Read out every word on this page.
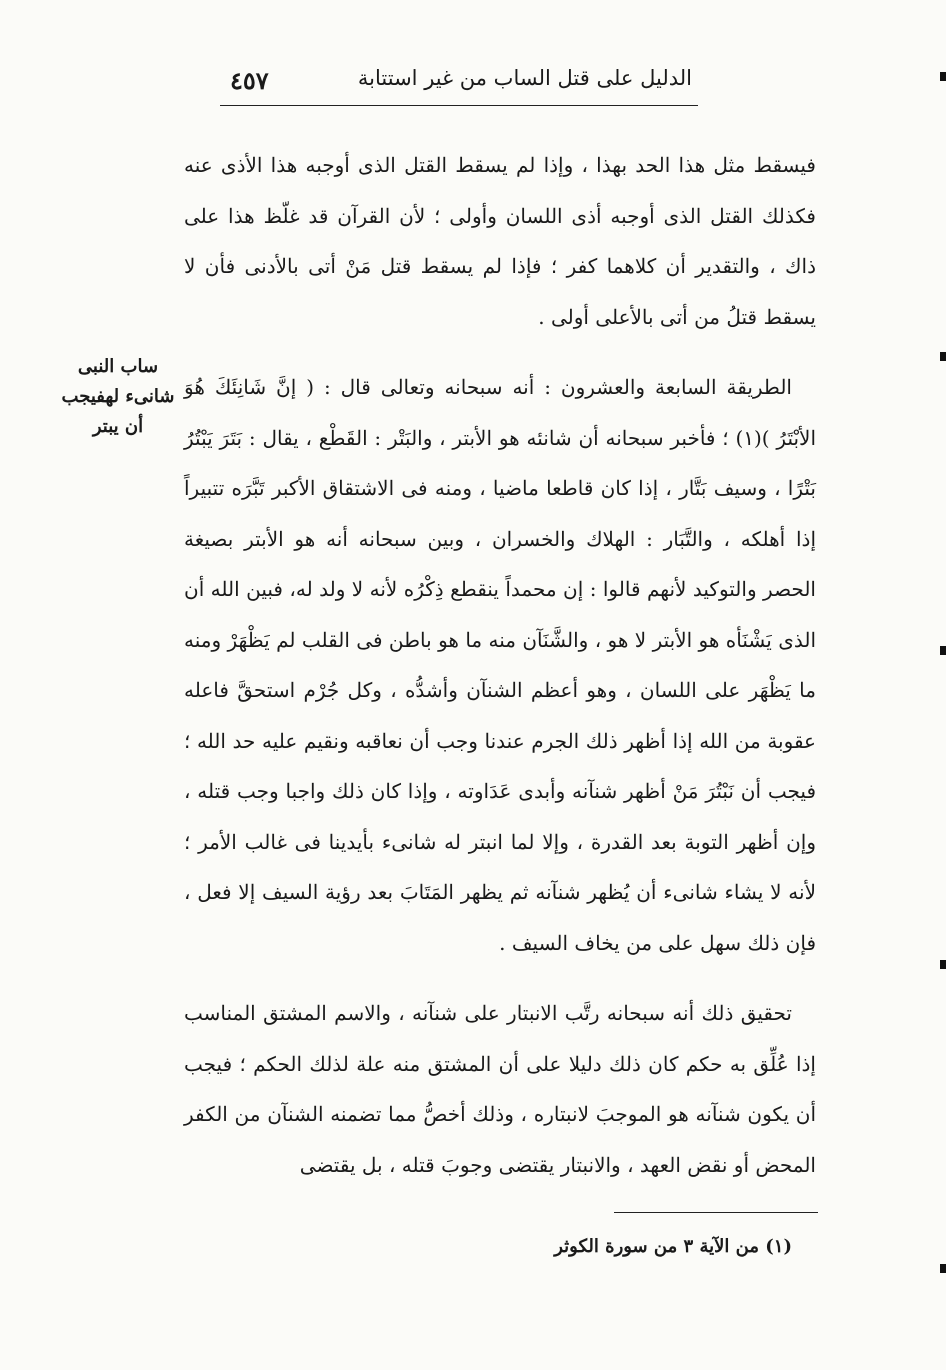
٤٥٧	الدليل على قتل الساب من غير استتابة
ساب النبى
شانىء لهفيجب
أن يبتر

فيسقط مثل هذا الحد بهذا ، وإذا لم يسقط القتل الذى أوجبه هذا الأذى عنه فكذلك القتل الذى أوجبه أذى اللسان وأولى ؛ لأن القرآن قد غلّظ هذا على ذاك ، والتقدير أن كلاهما كفر ؛ فإذا لم يسقط قتل مَنْ أتى بالأدنى فأن لا يسقط قتلُ من أتى بالأعلى أولى .

الطريقة السابعة والعشرون : أنه سبحانه وتعالى قال : ( إنَّ شَانِئَكَ هُوَ الأبْتَرُ )(١) ؛ فأخبر سبحانه أن شانئه هو الأبتر ، والبَتْر : القَطْع ، يقال : بَتَرَ يَبْتُرُ بَتْرًا ، وسيف بَتَّار ، إذا كان قاطعا ماضيا ، ومنه فى الاشتقاق الأكبر تَبَّرَه تتبيراً إذا أهلكه ، والتَّبَار : الهلاك والخسران ، وبين سبحانه أنه هو الأبتر بصيغة الحصر والتوكيد لأنهم قالوا : إن محمداً ينقطع ذِكْرُه لأنه لا ولد له، فبين الله أن الذى يَشْنَأه هو الأبتر لا هو ، والشَّنَآن منه ما هو باطن فى القلب لم يَظْهَرْ ومنه ما يَظْهَر على اللسان ، وهو أعظم الشنآن وأشدُّه ، وكل جُرْم استحقَّ فاعله عقوبة من الله إذا أظهر ذلك الجرم عندنا وجب أن نعاقبه ونقيم عليه حد الله ؛ فيجب أن نَبْتُرَ مَنْ أظهر شنآنه وأبدى عَدَاوته ، وإذا كان ذلك واجبا وجب قتله ، وإن أظهر التوبة بعد القدرة ، وإلا لما انبتر له شانىء بأيدينا فى غالب الأمر ؛ لأنه لا يشاء شانىء أن يُظهر شنآنه ثم يظهر المَتَابَ بعد رؤية السيف إلا فعل ، فإن ذلك سهل على من يخاف السيف .

تحقيق ذلك أنه سبحانه رتَّب الانبتار على شنآنه ، والاسم المشتق المناسب إذا عُلِّق به حكم كان ذلك دليلا على أن المشتق منه علة لذلك الحكم ؛ فيجب أن يكون شنآنه هو الموجبَ لانبتاره ، وذلك أخصُّ مما تضمنه الشنآن من الكفر المحض أو نقض العهد ، والانبتار يقتضى وجوبَ قتله ، بل يقتضى

(١) من الآية ٣ من سورة الكوثر
